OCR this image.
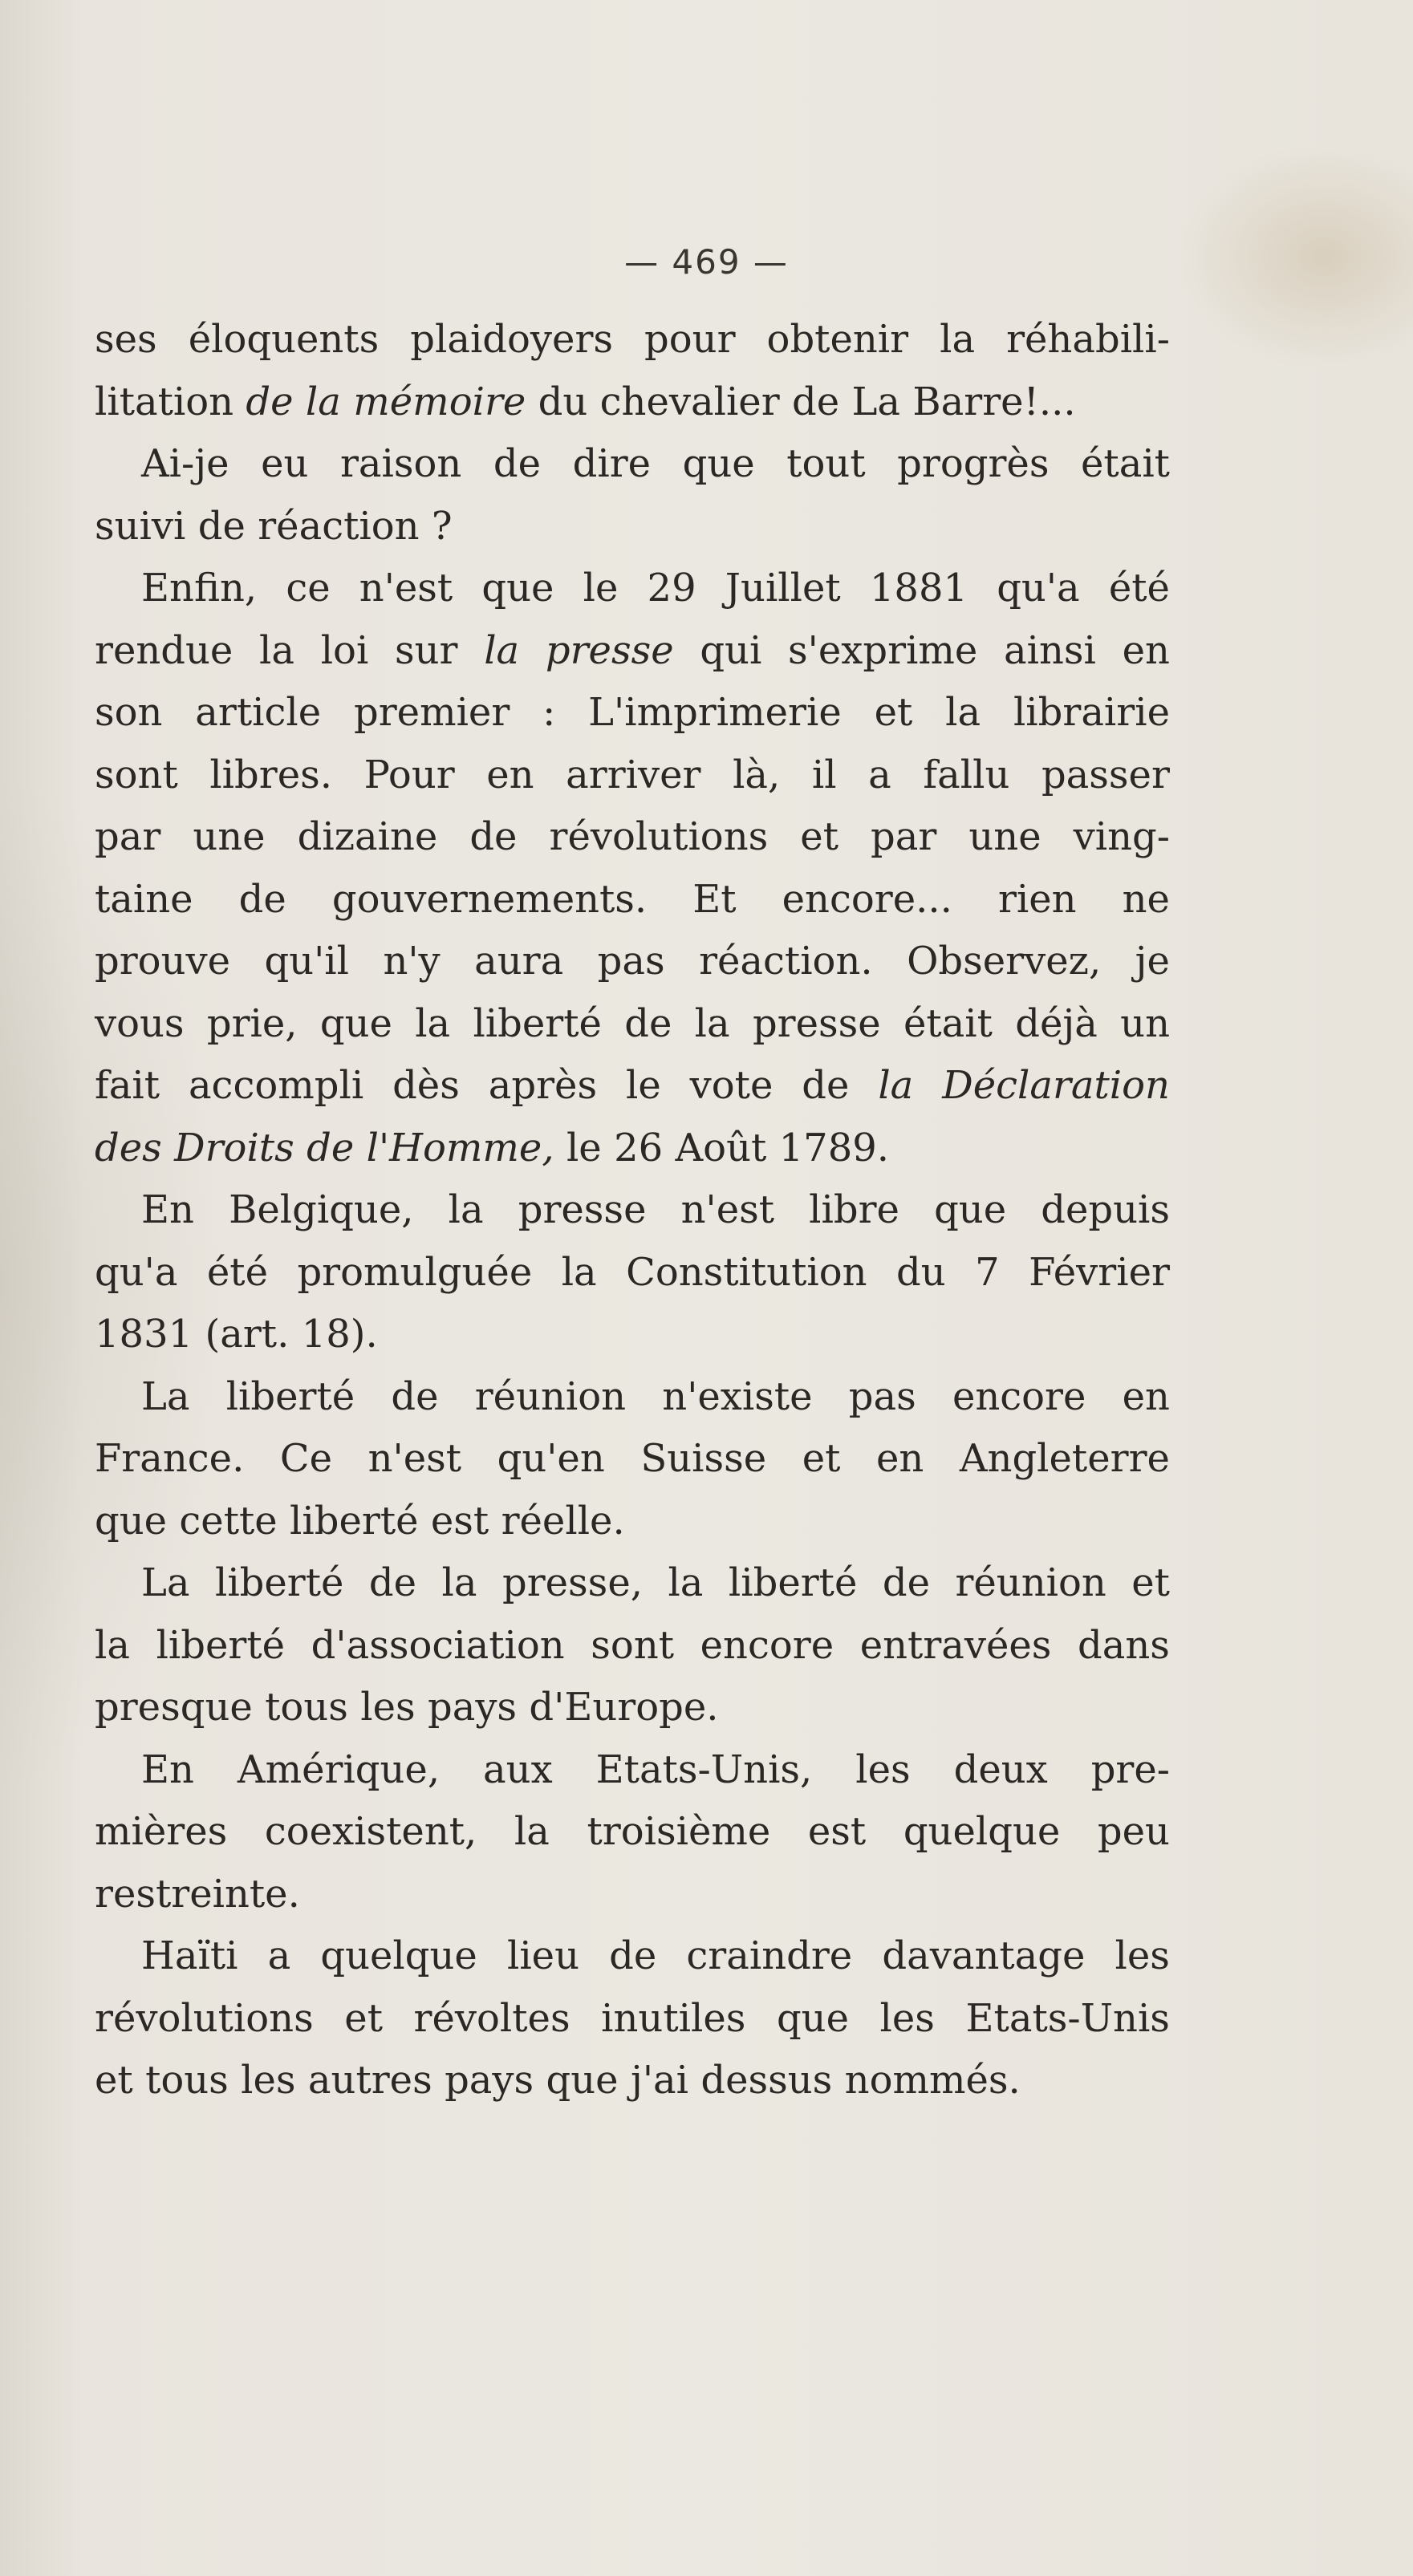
— 469 —
ses éloquents plaidoyers pour obtenir la réhabili-
litation de la mémoire du chevalier de La Barre!...
Ai-je eu raison de dire que tout progrès était
suivi de réaction ?
Enfin, ce n'est que le 29 Juillet 1881 qu'a été
rendue la loi sur la presse qui s'exprime ainsi en
son article premier : L'imprimerie et la librairie
sont libres. Pour en arriver là, il a fallu passer
par une dizaine de révolutions et par une ving-
taine de gouvernements. Et encore... rien ne
prouve qu'il n'y aura pas réaction. Observez, je
vous prie, que la liberté de la presse était déjà un
fait accompli dès après le vote de la Déclaration
des Droits de l'Homme, le 26 Août 1789.
En Belgique, la presse n'est libre que depuis
qu'a été promulguée la Constitution du 7 Février
1831 (art. 18).
La liberté de réunion n'existe pas encore en
France. Ce n'est qu'en Suisse et en Angleterre
que cette liberté est réelle.
La liberté de la presse, la liberté de réunion et
la liberté d'association sont encore entravées dans
presque tous les pays d'Europe.
En Amérique, aux Etats-Unis, les deux pre-
mières coexistent, la troisième est quelque peu
restreinte.
Haïti a quelque lieu de craindre davantage les
révolutions et révoltes inutiles que les Etats-Unis
et tous les autres pays que j'ai dessus nommés.
